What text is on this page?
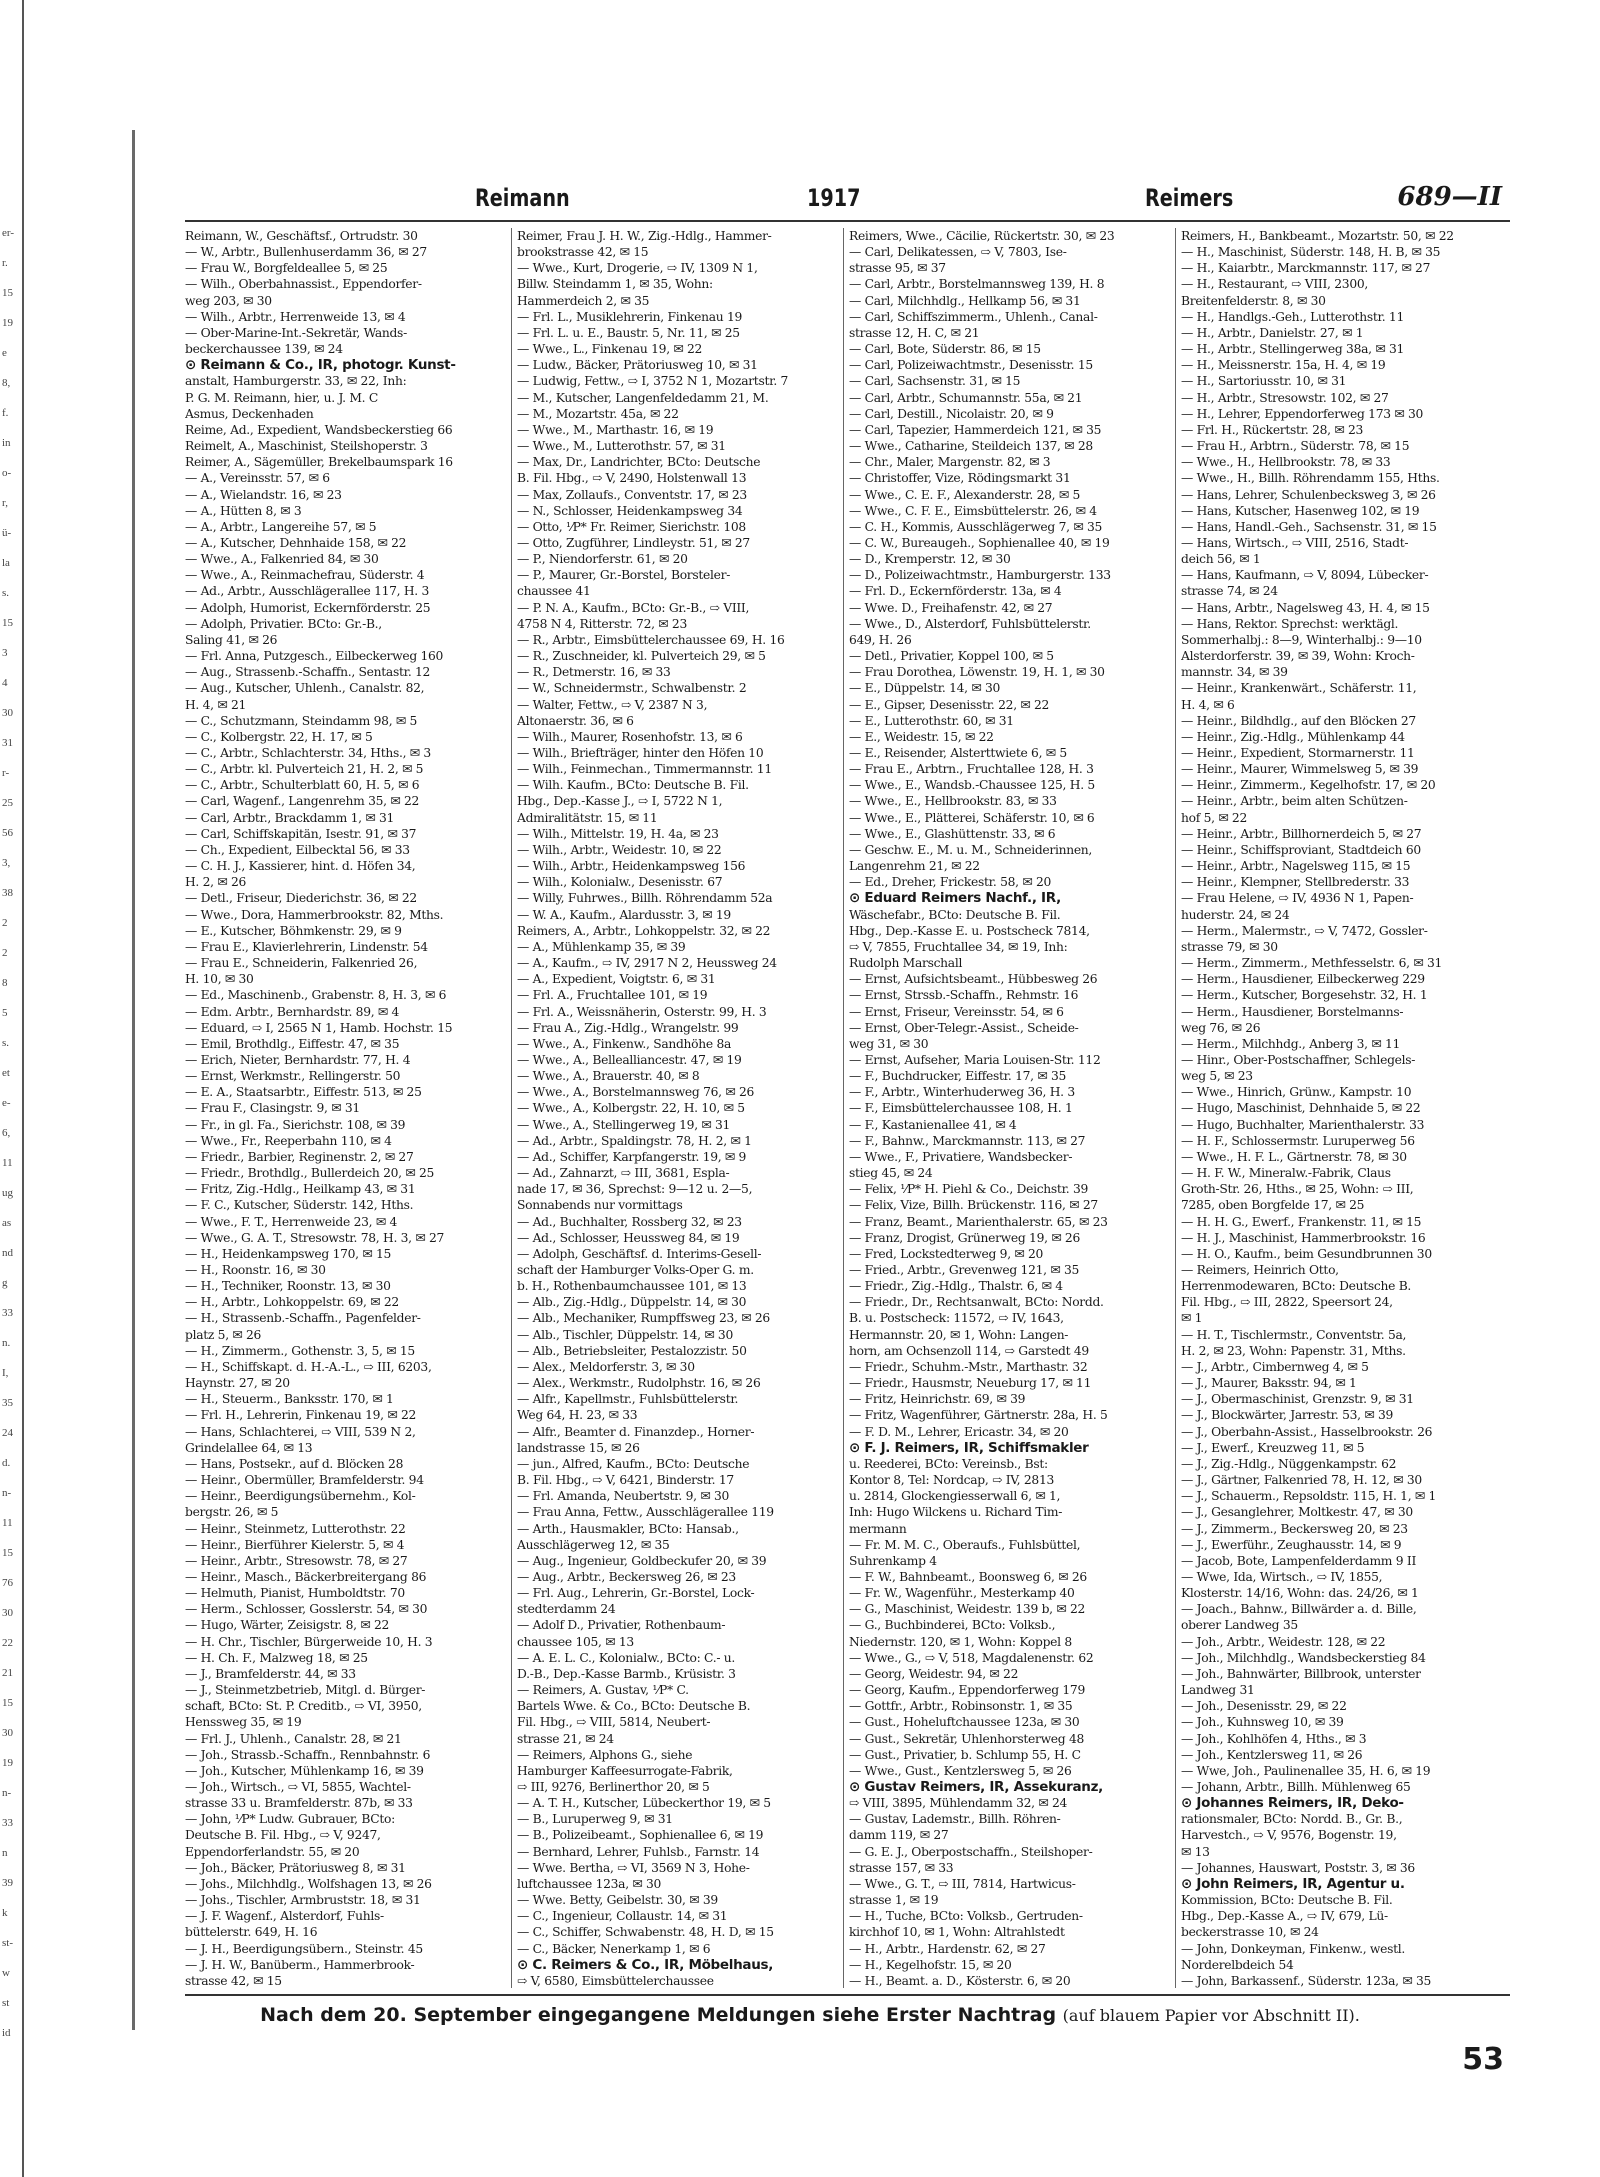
er-
r.
15
19
e
8,
f.
in
o-
r,
ü-
la
s.
15
3
4
30
31
r-
25
56
3,
38
2
2
8
5
s.
et
e-
6,
11
ug
as
nd
g
33
n.
I,
35
24
d.
n-
11
15
76
30
22
21
15
30
19
n-
33
n
39
k
st-
w
st
id
Reimann	1917	Reimers	689—II
Reimann, W., Geschäftsf., Ortrudstr. 30
— W., Arbtr., Bullenhuserdamm 36, ✉ 27
— Frau W., Borgfeldeallee 5, ✉ 25
— Wilh., Oberbahnassist., Eppendorfer-
weg 203, ✉ 30
— Wilh., Arbtr., Herrenweide 13, ✉ 4
— Ober-Marine-Int.-Sekretär, Wands-
beckerchaussee 139, ✉ 24
⊙ Reimann & Co., IR, photogr. Kunst-
anstalt, Hamburgerstr. 33, ✉ 22, Inh:
P. G. M. Reimann, hier, u. J. M. C
Asmus, Deckenhaden
Reime, Ad., Expedient, Wandsbeckerstieg 66
Reimelt, A., Maschinist, Steilshoperstr. 3
Reimer, A., Sägemüller, Brekelbaumspark 16
— A., Vereinsstr. 57, ✉ 6
— A., Wielandstr. 16, ✉ 23
— A., Hütten 8, ✉ 3
— A., Arbtr., Langereihe 57, ✉ 5
— A., Kutscher, Dehnhaide 158, ✉ 22
— Wwe., A., Falkenried 84, ✉ 30
— Wwe., A., Reinmachefrau, Süderstr. 4
— Ad., Arbtr., Ausschlägerallee 117, H. 3
— Adolph, Humorist, Eckernförderstr. 25
— Adolph, Privatier. BCto: Gr.-B.,
Saling 41, ✉ 26
— Frl. Anna, Putzgesch., Eilbeckerweg 160
— Aug., Strassenb.-Schaffn., Sentastr. 12
— Aug., Kutscher, Uhlenh., Canalstr. 82,
H. 4, ✉ 21
— C., Schutzmann, Steindamm 98, ✉ 5
— C., Kolbergstr. 22, H. 17, ✉ 5
— C., Arbtr., Schlachterstr. 34, Hths., ✉ 3
— C., Arbtr. kl. Pulverteich 21, H. 2, ✉ 5
— C., Arbtr., Schulterblatt 60, H. 5, ✉ 6
— Carl, Wagenf., Langenrehm 35, ✉ 22
— Carl, Arbtr., Brackdamm 1, ✉ 31
— Carl, Schiffskapitän, Isestr. 91, ✉ 37
— Ch., Expedient, Eilbecktal 56, ✉ 33
— C. H. J., Kassierer, hint. d. Höfen 34,
H. 2, ✉ 26
— Detl., Friseur, Diederichstr. 36, ✉ 22
— Wwe., Dora, Hammerbrookstr. 82, Mths.
— E., Kutscher, Böhmkenstr. 29, ✉ 9
— Frau E., Klavierlehrerin, Lindenstr. 54
— Frau E., Schneiderin, Falkenried 26,
H. 10, ✉ 30
— Ed., Maschinenb., Grabenstr. 8, H. 3, ✉ 6
— Edm. Arbtr., Bernhardstr. 89, ✉ 4
— Eduard, ⇨ I, 2565 N 1, Hamb. Hochstr. 15
— Emil, Brothdlg., Eiffestr. 47, ✉ 35
— Erich, Nieter, Bernhardstr. 77, H. 4
— Ernst, Werkmstr., Rellingerstr. 50
— E. A., Staatsarbtr., Eiffestr. 513, ✉ 25
— Frau F., Clasingstr. 9, ✉ 31
— Fr., in gl. Fa., Sierichstr. 108, ✉ 39
— Wwe., Fr., Reeperbahn 110, ✉ 4
— Friedr., Barbier, Reginenstr. 2, ✉ 27
— Friedr., Brothdlg., Bullerdeich 20, ✉ 25
— Fritz, Zig.-Hdlg., Heilkamp 43, ✉ 31
— F. C., Kutscher, Süderstr. 142, Hths.
— Wwe., F. T., Herrenweide 23, ✉ 4
— Wwe., G. A. T., Stresowstr. 78, H. 3, ✉ 27
— H., Heidenkampsweg 170, ✉ 15
— H., Roonstr. 16, ✉ 30
— H., Techniker, Roonstr. 13, ✉ 30
— H., Arbtr., Lohkoppelstr. 69, ✉ 22
— H., Strassenb.-Schaffn., Pagenfelder-
platz 5, ✉ 26
— H., Zimmerm., Gothenstr. 3, 5, ✉ 15
— H., Schiffskapt. d. H.-A.-L., ⇨ III, 6203,
Haynstr. 27, ✉ 20
— H., Steuerm., Banksstr. 170, ✉ 1
— Frl. H., Lehrerin, Finkenau 19, ✉ 22
— Hans, Schlachterei, ⇨ VIII, 539 N 2,
Grindelallee 64, ✉ 13
— Hans, Postsekr., auf d. Blöcken 28
— Heinr., Obermüller, Bramfelderstr. 94
— Heinr., Beerdigungsübernehm., Kol-
bergstr. 26, ✉ 5
— Heinr., Steinmetz, Lutterothstr. 22
— Heinr., Bierführer Kielerstr. 5, ✉ 4
— Heinr., Arbtr., Stresowstr. 78, ✉ 27
— Heinr., Masch., Bäckerbreitergang 86
— Helmuth, Pianist, Humboldtstr. 70
— Herm., Schlosser, Gosslerstr. 54, ✉ 30
— Hugo, Wärter, Zeisigstr. 8, ✉ 22
— H. Chr., Tischler, Bürgerweide 10, H. 3
— H. Ch. F., Malzweg 18, ✉ 25
— J., Bramfelderstr. 44, ✉ 33
— J., Steinmetzbetrieb, Mitgl. d. Bürger-
schaft, BCto: St. P. Creditb., ⇨ VI, 3950,
Henssweg 35, ✉ 19
— Frl. J., Uhlenh., Canalstr. 28, ✉ 21
— Joh., Strassb.-Schaffn., Rennbahnstr. 6
— Joh., Kutscher, Mühlenkamp 16, ✉ 39
— Joh., Wirtsch., ⇨ VI, 5855, Wachtel-
strasse 33 u. Bramfelderstr. 87b, ✉ 33
— John, ⅟P* Ludw. Gubrauer, BCto:
Deutsche B. Fil. Hbg., ⇨ V, 9247,
Eppendorferlandstr. 55, ✉ 20
— Joh., Bäcker, Prätoriusweg 8, ✉ 31
— Johs., Milchhdlg., Wolfshagen 13, ✉ 26
— Johs., Tischler, Armbruststr. 18, ✉ 31
— J. F. Wagenf., Alsterdorf, Fuhls-
büttelerstr. 649, H. 16
— J. H., Beerdigungsübern., Steinstr. 45
— J. H. W., Banüberm., Hammerbrook-
strasse 42, ✉ 15
Reimer, Frau J. H. W., Zig.-Hdlg., Hammer-
brookstrasse 42, ✉ 15
— Wwe., Kurt, Drogerie, ⇨ IV, 1309 N 1,
Billw. Steindamm 1, ✉ 35, Wohn:
Hammerdeich 2, ✉ 35
— Frl. L., Musiklehrerin, Finkenau 19
— Frl. L. u. E., Baustr. 5, Nr. 11, ✉ 25
— Wwe., L., Finkenau 19, ✉ 22
— Ludw., Bäcker, Prätoriusweg 10, ✉ 31
— Ludwig, Fettw., ⇨ I, 3752 N 1, Mozartstr. 7
— M., Kutscher, Langenfeldedamm 21, M.
— M., Mozartstr. 45a, ✉ 22
— Wwe., M., Marthastr. 16, ✉ 19
— Wwe., M., Lutterothstr. 57, ✉ 31
— Max, Dr., Landrichter, BCto: Deutsche
B. Fil. Hbg., ⇨ V, 2490, Holstenwall 13
— Max, Zollaufs., Conventstr. 17, ✉ 23
— N., Schlosser, Heidenkampsweg 34
— Otto, ⅟P* Fr. Reimer, Sierichstr. 108
— Otto, Zugführer, Lindleystr. 51, ✉ 27
— P., Niendorferstr. 61, ✉ 20
— P., Maurer, Gr.-Borstel, Borsteler-
chaussee 41
— P. N. A., Kaufm., BCto: Gr.-B., ⇨ VIII,
4758 N 4, Ritterstr. 72, ✉ 23
— R., Arbtr., Eimsbüttelerchaussee 69, H. 16
— R., Zuschneider, kl. Pulverteich 29, ✉ 5
— R., Detmerstr. 16, ✉ 33
— W., Schneidermstr., Schwalbenstr. 2
— Walter, Fettw., ⇨ V, 2387 N 3,
Altonaerstr. 36, ✉ 6
— Wilh., Maurer, Rosenhofstr. 13, ✉ 6
— Wilh., Briefträger, hinter den Höfen 10
— Wilh., Feinmechan., Timmermannstr. 11
— Wilh. Kaufm., BCto: Deutsche B. Fil.
Hbg., Dep.-Kasse J., ⇨ I, 5722 N 1,
Admiralitätstr. 15, ✉ 11
— Wilh., Mittelstr. 19, H. 4a, ✉ 23
— Wilh., Arbtr., Weidestr. 10, ✉ 22
— Wilh., Arbtr., Heidenkampsweg 156
— Wilh., Kolonialw., Desenisstr. 67
— Willy, Fuhrwes., Billh. Röhrendamm 52a
— W. A., Kaufm., Alardusstr. 3, ✉ 19
Reimers, A., Arbtr., Lohkoppelstr. 32, ✉ 22
— A., Mühlenkamp 35, ✉ 39
— A., Kaufm., ⇨ IV, 2917 N 2, Heussweg 24
— A., Expedient, Voigtstr. 6, ✉ 31
— Frl. A., Fruchtallee 101, ✉ 19
— Frl. A., Weissnäherin, Osterstr. 99, H. 3
— Frau A., Zig.-Hdlg., Wrangelstr. 99
— Wwe., A., Finkenw., Sandhöhe 8a
— Wwe., A., Bellealliancestr. 47, ✉ 19
— Wwe., A., Brauerstr. 40, ✉ 8
— Wwe., A., Borstelmannsweg 76, ✉ 26
— Wwe., A., Kolbergstr. 22, H. 10, ✉ 5
— Wwe., A., Stellingerweg 19, ✉ 31
— Ad., Arbtr., Spaldingstr. 78, H. 2, ✉ 1
— Ad., Schiffer, Karpfangerstr. 19, ✉ 9
— Ad., Zahnarzt, ⇨ III, 3681, Espla-
nade 17, ✉ 36, Sprechst: 9—12 u. 2—5,
Sonnabends nur vormittags
— Ad., Buchhalter, Rossberg 32, ✉ 23
— Ad., Schlosser, Heussweg 84, ✉ 19
— Adolph, Geschäftsf. d. Interims-Gesell-
schaft der Hamburger Volks-Oper G. m.
b. H., Rothenbaumchaussee 101, ✉ 13
— Alb., Zig.-Hdlg., Düppelstr. 14, ✉ 30
— Alb., Mechaniker, Rumpffsweg 23, ✉ 26
— Alb., Tischler, Düppelstr. 14, ✉ 30
— Alb., Betriebsleiter, Pestalozzistr. 50
— Alex., Meldorferstr. 3, ✉ 30
— Alex., Werkmstr., Rudolphstr. 16, ✉ 26
— Alfr., Kapellmstr., Fuhlsbüttelerstr.
Weg 64, H. 23, ✉ 33
— Alfr., Beamter d. Finanzdep., Horner-
landstrasse 15, ✉ 26
— jun., Alfred, Kaufm., BCto: Deutsche
B. Fil. Hbg., ⇨ V, 6421, Binderstr. 17
— Frl. Amanda, Neubertstr. 9, ✉ 30
— Frau Anna, Fettw., Ausschlägerallee 119
— Arth., Hausmakler, BCto: Hansab.,
Ausschlägerweg 12, ✉ 35
— Aug., Ingenieur, Goldbeckufer 20, ✉ 39
— Aug., Arbtr., Beckersweg 26, ✉ 23
— Frl. Aug., Lehrerin, Gr.-Borstel, Lock-
stedterdamm 24
— Adolf D., Privatier, Rothenbaum-
chaussee 105, ✉ 13
— A. E. L. C., Kolonialw., BCto: C.- u.
D.-B., Dep.-Kasse Barmb., Krüsistr. 3
— Reimers, A. Gustav, ⅟P* C.
Bartels Wwe. & Co., BCto: Deutsche B.
Fil. Hbg., ⇨ VIII, 5814, Neubert-
strasse 21, ✉ 24
— Reimers, Alphons G., siehe
Hamburger Kaffeesurrogate-Fabrik,
⇨ III, 9276, Berlinerthor 20, ✉ 5
— A. T. H., Kutscher, Lübeckerthor 19, ✉ 5
— B., Luruperweg 9, ✉ 31
— B., Polizeibeamt., Sophienallee 6, ✉ 19
— Bernhard, Lehrer, Fuhlsb., Farnstr. 14
— Wwe. Bertha, ⇨ VI, 3569 N 3, Hohe-
luftchaussee 123a, ✉ 30
— Wwe. Betty, Geibelstr. 30, ✉ 39
— C., Ingenieur, Collaustr. 14, ✉ 31
— C., Schiffer, Schwabenstr. 48, H. D, ✉ 15
— C., Bäcker, Nenerkamp 1, ✉ 6
⊙ C. Reimers & Co., IR, Möbelhaus,
⇨ V, 6580, Eimsbüttelerchaussee
Reimers, Wwe., Cäcilie, Rückertstr. 30, ✉ 23
— Carl, Delikatessen, ⇨ V, 7803, Ise-
strasse 95, ✉ 37
— Carl, Arbtr., Borstelmannsweg 139, H. 8
— Carl, Milchhdlg., Hellkamp 56, ✉ 31
— Carl, Schiffszimmerm., Uhlenh., Canal-
strasse 12, H. C, ✉ 21
— Carl, Bote, Süderstr. 86, ✉ 15
— Carl, Polizeiwachtmstr., Desenisstr. 15
— Carl, Sachsenstr. 31, ✉ 15
— Carl, Arbtr., Schumannstr. 55a, ✉ 21
— Carl, Destill., Nicolaistr. 20, ✉ 9
— Carl, Tapezier, Hammerdeich 121, ✉ 35
— Wwe., Catharine, Steildeich 137, ✉ 28
— Chr., Maler, Margenstr. 82, ✉ 3
— Christoffer, Vize, Rödingsmarkt 31
— Wwe., C. E. F., Alexanderstr. 28, ✉ 5
— Wwe., C. F. E., Eimsbüttelerstr. 26, ✉ 4
— C. H., Kommis, Ausschlägerweg 7, ✉ 35
— C. W., Bureaugeh., Sophienallee 40, ✉ 19
— D., Kremperstr. 12, ✉ 30
— D., Polizeiwachtmstr., Hamburgerstr. 133
— Frl. D., Eckernförderstr. 13a, ✉ 4
— Wwe. D., Freihafenstr. 42, ✉ 27
— Wwe., D., Alsterdorf, Fuhlsbüttelerstr.
649, H. 26
— Detl., Privatier, Koppel 100, ✉ 5
— Frau Dorothea, Löwenstr. 19, H. 1, ✉ 30
— E., Düppelstr. 14, ✉ 30
— E., Gipser, Desenisstr. 22, ✉ 22
— E., Lutterothstr. 60, ✉ 31
— E., Weidestr. 15, ✉ 22
— E., Reisender, Alsterttwiete 6, ✉ 5
— Frau E., Arbtrn., Fruchtallee 128, H. 3
— Wwe., E., Wandsb.-Chaussee 125, H. 5
— Wwe., E., Hellbrookstr. 83, ✉ 33
— Wwe., E., Plätterei, Schäferstr. 10, ✉ 6
— Wwe., E., Glashüttenstr. 33, ✉ 6
— Geschw. E., M. u. M., Schneiderinnen,
Langenrehm 21, ✉ 22
— Ed., Dreher, Frickestr. 58, ✉ 20
⊙ Eduard Reimers Nachf., IR,
Wäschefabr., BCto: Deutsche B. Fil.
Hbg., Dep.-Kasse E. u. Postscheck 7814,
⇨ V, 7855, Fruchtallee 34, ✉ 19, Inh:
Rudolph Marschall
— Ernst, Aufsichtsbeamt., Hübbesweg 26
— Ernst, Strssb.-Schaffn., Rehmstr. 16
— Ernst, Friseur, Vereinsstr. 54, ✉ 6
— Ernst, Ober-Telegr.-Assist., Scheide-
weg 31, ✉ 30
— Ernst, Aufseher, Maria Louisen-Str. 112
— F., Buchdrucker, Eiffestr. 17, ✉ 35
— F., Arbtr., Winterhuderweg 36, H. 3
— F., Eimsbüttelerchaussee 108, H. 1
— F., Kastanienallee 41, ✉ 4
— F., Bahnw., Marckmannstr. 113, ✉ 27
— Wwe., F., Privatiere, Wandsbecker-
stieg 45, ✉ 24
— Felix, ⅟P* H. Piehl & Co., Deichstr. 39
— Felix, Vize, Billh. Brückenstr. 116, ✉ 27
— Franz, Beamt., Marienthalerstr. 65, ✉ 23
— Franz, Drogist, Grünerweg 19, ✉ 26
— Fred, Lockstedterweg 9, ✉ 20
— Fried., Arbtr., Grevenweg 121, ✉ 35
— Friedr., Zig.-Hdlg., Thalstr. 6, ✉ 4
— Friedr., Dr., Rechtsanwalt, BCto: Nordd.
B. u. Postscheck: 11572, ⇨ IV, 1643,
Hermannstr. 20, ✉ 1, Wohn: Langen-
horn, am Ochsenzoll 114, ⇨ Garstedt 49
— Friedr., Schuhm.-Mstr., Marthastr. 32
— Friedr., Hausmstr, Neueburg 17, ✉ 11
— Fritz, Heinrichstr. 69, ✉ 39
— Fritz, Wagenführer, Gärtnerstr. 28a, H. 5
— F. D. M., Lehrer, Ericastr. 34, ✉ 20
⊙ F. J. Reimers, IR, Schiffsmakler
u. Reederei, BCto: Vereinsb., Bst:
Kontor 8, Tel: Nordcap, ⇨ IV, 2813
u. 2814, Glockengiesserwall 6, ✉ 1,
Inh: Hugo Wilckens u. Richard Tim-
mermann
— Fr. M. M. C., Oberaufs., Fuhlsbüttel,
Suhrenkamp 4
— F. W., Bahnbeamt., Boonsweg 6, ✉ 26
— Fr. W., Wagenführ., Mesterkamp 40
— G., Maschinist, Weidestr. 139 b, ✉ 22
— G., Buchbinderei, BCto: Volksb.,
Niedernstr. 120, ✉ 1, Wohn: Koppel 8
— Wwe., G., ⇨ V, 518, Magdalenenstr. 62
— Georg, Weidestr. 94, ✉ 22
— Georg, Kaufm., Eppendorferweg 179
— Gottfr., Arbtr., Robinsonstr. 1, ✉ 35
— Gust., Hoheluftchaussee 123a, ✉ 30
— Gust., Sekretär, Uhlenhorsterweg 48
— Gust., Privatier, b. Schlump 55, H. C
— Wwe., Gust., Kentzlersweg 5, ✉ 26
⊙ Gustav Reimers, IR, Assekuranz,
⇨ VIII, 3895, Mühlendamm 32, ✉ 24
— Gustav, Lademstr., Billh. Röhren-
damm 119, ✉ 27
— G. E. J., Oberpostschaffn., Steilshoper-
strasse 157, ✉ 33
— Wwe., G. T., ⇨ III, 7814, Hartwicus-
strasse 1, ✉ 19
— H., Tuche, BCto: Volksb., Gertruden-
kirchhof 10, ✉ 1, Wohn: Altrahlstedt
— H., Arbtr., Hardenstr. 62, ✉ 27
— H., Kegelhofstr. 15, ✉ 20
— H., Beamt. a. D., Kösterstr. 6, ✉ 20
Reimers, H., Bankbeamt., Mozartstr. 50, ✉ 22
— H., Maschinist, Süderstr. 148, H. B, ✉ 35
— H., Kaiarbtr., Marckmannstr. 117, ✉ 27
— H., Restaurant, ⇨ VIII, 2300,
Breitenfelderstr. 8, ✉ 30
— H., Handlgs.-Geh., Lutterothstr. 11
— H., Arbtr., Danielstr. 27, ✉ 1
— H., Arbtr., Stellingerweg 38a, ✉ 31
— H., Meissnerstr. 15a, H. 4, ✉ 19
— H., Sartoriusstr. 10, ✉ 31
— H., Arbtr., Stresowstr. 102, ✉ 27
— H., Lehrer, Eppendorferweg 173 ✉ 30
— Frl. H., Rückertstr. 28, ✉ 23
— Frau H., Arbtrn., Süderstr. 78, ✉ 15
— Wwe., H., Hellbrookstr. 78, ✉ 33
— Wwe., H., Billh. Röhrendamm 155, Hths.
— Hans, Lehrer, Schulenbecksweg 3, ✉ 26
— Hans, Kutscher, Hasenweg 102, ✉ 19
— Hans, Handl.-Geh., Sachsenstr. 31, ✉ 15
— Hans, Wirtsch., ⇨ VIII, 2516, Stadt-
deich 56, ✉ 1
— Hans, Kaufmann, ⇨ V, 8094, Lübecker-
strasse 74, ✉ 24
— Hans, Arbtr., Nagelsweg 43, H. 4, ✉ 15
— Hans, Rektor. Sprechst: werktägl.
Sommerhalbj.: 8—9, Winterhalbj.: 9—10
Alsterdorferstr. 39, ✉ 39, Wohn: Kroch-
mannstr. 34, ✉ 39
— Heinr., Krankenwärt., Schäferstr. 11,
H. 4, ✉ 6
— Heinr., Bildhdlg., auf den Blöcken 27
— Heinr., Zig.-Hdlg., Mühlenkamp 44
— Heinr., Expedient, Stormarnerstr. 11
— Heinr., Maurer, Wimmelsweg 5, ✉ 39
— Heinr., Zimmerm., Kegelhofstr. 17, ✉ 20
— Heinr., Arbtr., beim alten Schützen-
hof 5, ✉ 22
— Heinr., Arbtr., Billhornerdeich 5, ✉ 27
— Heinr., Schiffsproviant, Stadtdeich 60
— Heinr., Arbtr., Nagelsweg 115, ✉ 15
— Heinr., Klempner, Stellbrederstr. 33
— Frau Helene, ⇨ IV, 4936 N 1, Papen-
huderstr. 24, ✉ 24
— Herm., Malermstr., ⇨ V, 7472, Gossler-
strasse 79, ✉ 30
— Herm., Zimmerm., Methfesselstr. 6, ✉ 31
— Herm., Hausdiener, Eilbeckerweg 229
— Herm., Kutscher, Borgesehstr. 32, H. 1
— Herm., Hausdiener, Borstelmanns-
weg 76, ✉ 26
— Herm., Milchhdg., Anberg 3, ✉ 11
— Hinr., Ober-Postschaffner, Schlegels-
weg 5, ✉ 23
— Wwe., Hinrich, Grünw., Kampstr. 10
— Hugo, Maschinist, Dehnhaide 5, ✉ 22
— Hugo, Buchhalter, Marienthalerstr. 33
— H. F., Schlossermstr. Luruperweg 56
— Wwe., H. F. L., Gärtnerstr. 78, ✉ 30
— H. F. W., Mineralw.-Fabrik, Claus
Groth-Str. 26, Hths., ✉ 25, Wohn: ⇨ III,
7285, oben Borgfelde 17, ✉ 25
— H. H. G., Ewerf., Frankenstr. 11, ✉ 15
— H. J., Maschinist, Hammerbrookstr. 16
— H. O., Kaufm., beim Gesundbrunnen 30
— Reimers, Heinrich Otto,
Herrenmodewaren, BCto: Deutsche B.
Fil. Hbg., ⇨ III, 2822, Speersort 24,
✉ 1
— H. T., Tischlermstr., Conventstr. 5a,
H. 2, ✉ 23, Wohn: Papenstr. 31, Mths.
— J., Arbtr., Cimbernweg 4, ✉ 5
— J., Maurer, Baksstr. 94, ✉ 1
— J., Obermaschinist, Grenzstr. 9, ✉ 31
— J., Blockwärter, Jarrestr. 53, ✉ 39
— J., Oberbahn-Assist., Hasselbrookstr. 26
— J., Ewerf., Kreuzweg 11, ✉ 5
— J., Zig.-Hdlg., Nüggenkampstr. 62
— J., Gärtner, Falkenried 78, H. 12, ✉ 30
— J., Schauerm., Repsoldstr. 115, H. 1, ✉ 1
— J., Gesanglehrer, Moltkestr. 47, ✉ 30
— J., Zimmerm., Beckersweg 20, ✉ 23
— J., Ewerführ., Zeughausstr. 14, ✉ 9
— Jacob, Bote, Lampenfelderdamm 9 II
— Wwe, Ida, Wirtsch., ⇨ IV, 1855,
Klosterstr. 14/16, Wohn: das. 24/26, ✉ 1
— Joach., Bahnw., Billwärder a. d. Bille,
oberer Landweg 35
— Joh., Arbtr., Weidestr. 128, ✉ 22
— Joh., Milchhdlg., Wandsbeckerstieg 84
— Joh., Bahnwärter, Billbrook, unterster
Landweg 31
— Joh., Desenisstr. 29, ✉ 22
— Joh., Kuhnsweg 10, ✉ 39
— Joh., Kohlhöfen 4, Hths., ✉ 3
— Joh., Kentzlersweg 11, ✉ 26
— Wwe, Joh., Paulinenallee 35, H. 6, ✉ 19
— Johann, Arbtr., Billh. Mühlenweg 65
⊙ Johannes Reimers, IR, Deko-
rationsmaler, BCto: Nordd. B., Gr. B.,
Harvestch., ⇨ V, 9576, Bogenstr. 19,
✉ 13
— Johannes, Hauswart, Poststr. 3, ✉ 36
⊙ John Reimers, IR, Agentur u.
Kommission, BCto: Deutsche B. Fil.
Hbg., Dep.-Kasse A., ⇨ IV, 679, Lü-
beckerstrasse 10, ✉ 24
— John, Donkeyman, Finkenw., westl.
Norderelbdeich 54
— John, Barkassenf., Süderstr. 123a, ✉ 35
Nach dem 20. September eingegangene Meldungen siehe Erster Nachtrag (auf blauem Papier vor Abschnitt II).
53
